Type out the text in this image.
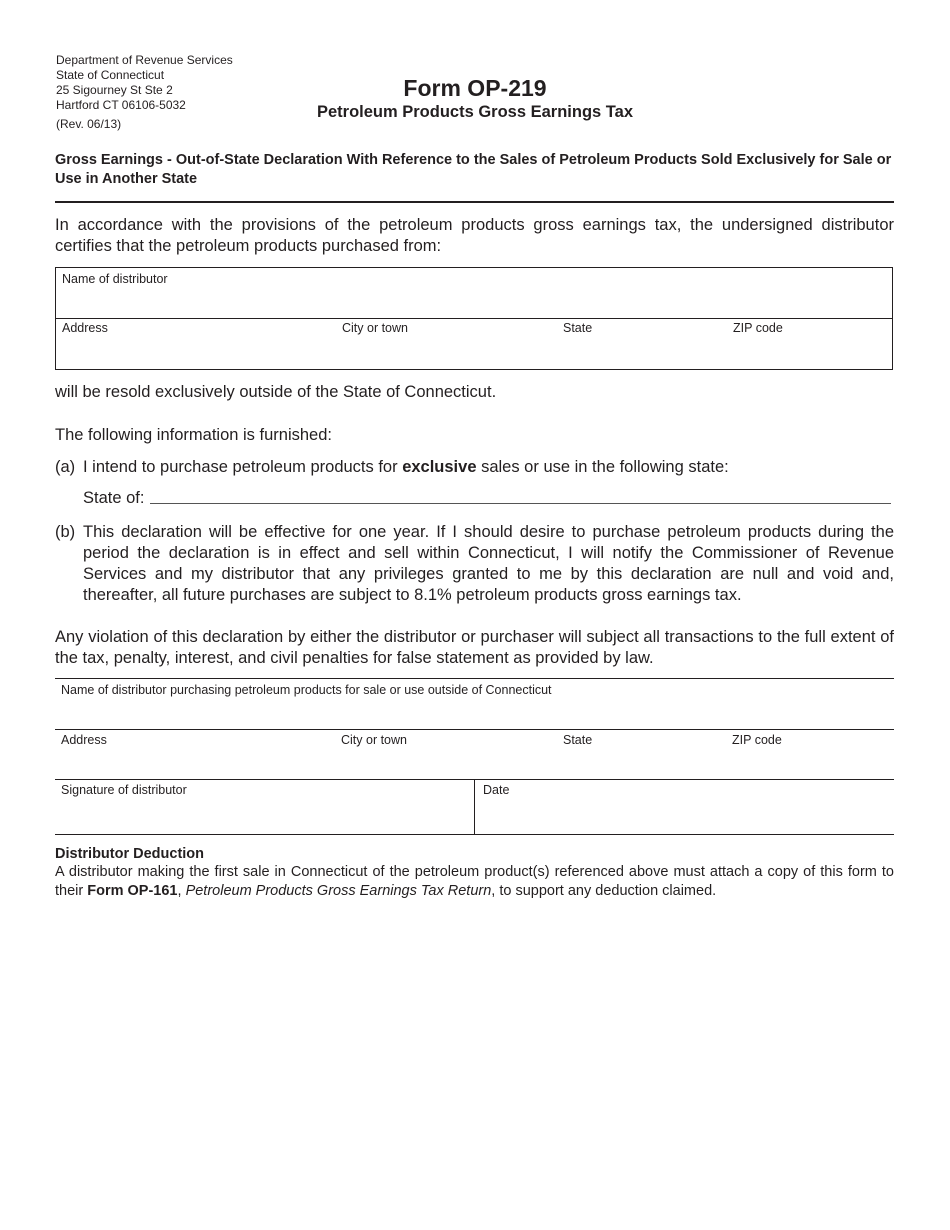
Department of Revenue Services
State of Connecticut
25 Sigourney St Ste 2
Hartford CT 06106-5032
(Rev. 06/13)
Form OP-219
Petroleum Products Gross Earnings Tax
Gross Earnings - Out-of-State Declaration With Reference to the Sales of Petroleum Products Sold Exclusively for Sale or Use in Another State
In accordance with the provisions of the petroleum products gross earnings tax, the undersigned distributor certifies that the petroleum products purchased from:
Name of distributor
Address	City or town	State	ZIP code
will be resold exclusively outside of the State of Connecticut.
The following information is furnished:
(a) I intend to purchase petroleum products for exclusive sales or use in the following state:
State of:
(b) This declaration will be effective for one year. If I should desire to purchase petroleum products during the period the declaration is in effect and sell within Connecticut, I will notify the Commissioner of Revenue Services and my distributor that any privileges granted to me by this declaration are null and void and, thereafter, all future purchases are subject to 8.1% petroleum products gross earnings tax.
Any violation of this declaration by either the distributor or purchaser will subject all transactions to the full extent of the tax, penalty, interest, and civil penalties for false statement as provided by law.
Name of distributor purchasing petroleum products for sale or use outside of Connecticut
Address	City or town	State	ZIP code
Signature of distributor	Date
Distributor Deduction
A distributor making the first sale in Connecticut of the petroleum product(s) referenced above must attach a copy of this form to their Form OP-161, Petroleum Products Gross Earnings Tax Return, to support any deduction claimed.
